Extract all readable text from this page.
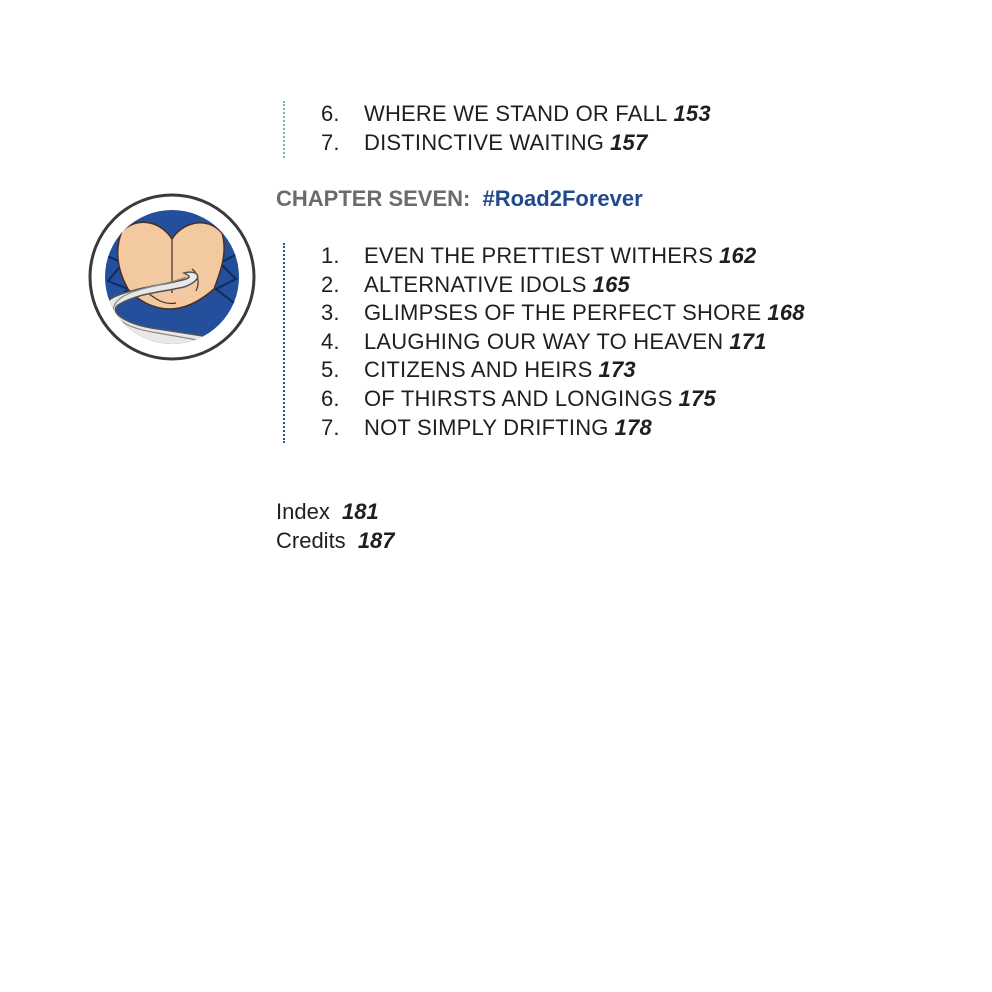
6.	WHERE WE STAND OR FALL 153
7.	DISTINCTIVE WAITING 157
CHAPTER SEVEN: #Road2Forever
1.	EVEN THE PRETTIEST WITHERS 162
2.	ALTERNATIVE IDOLS 165
3.	GLIMPSES OF THE PERFECT SHORE 168
4.	LAUGHING OUR WAY TO HEAVEN 171
5.	CITIZENS AND HEIRS 173
6.	OF THIRSTS AND LONGINGS 175
7.	NOT SIMPLY DRIFTING 178
Index 181
Credits 187
